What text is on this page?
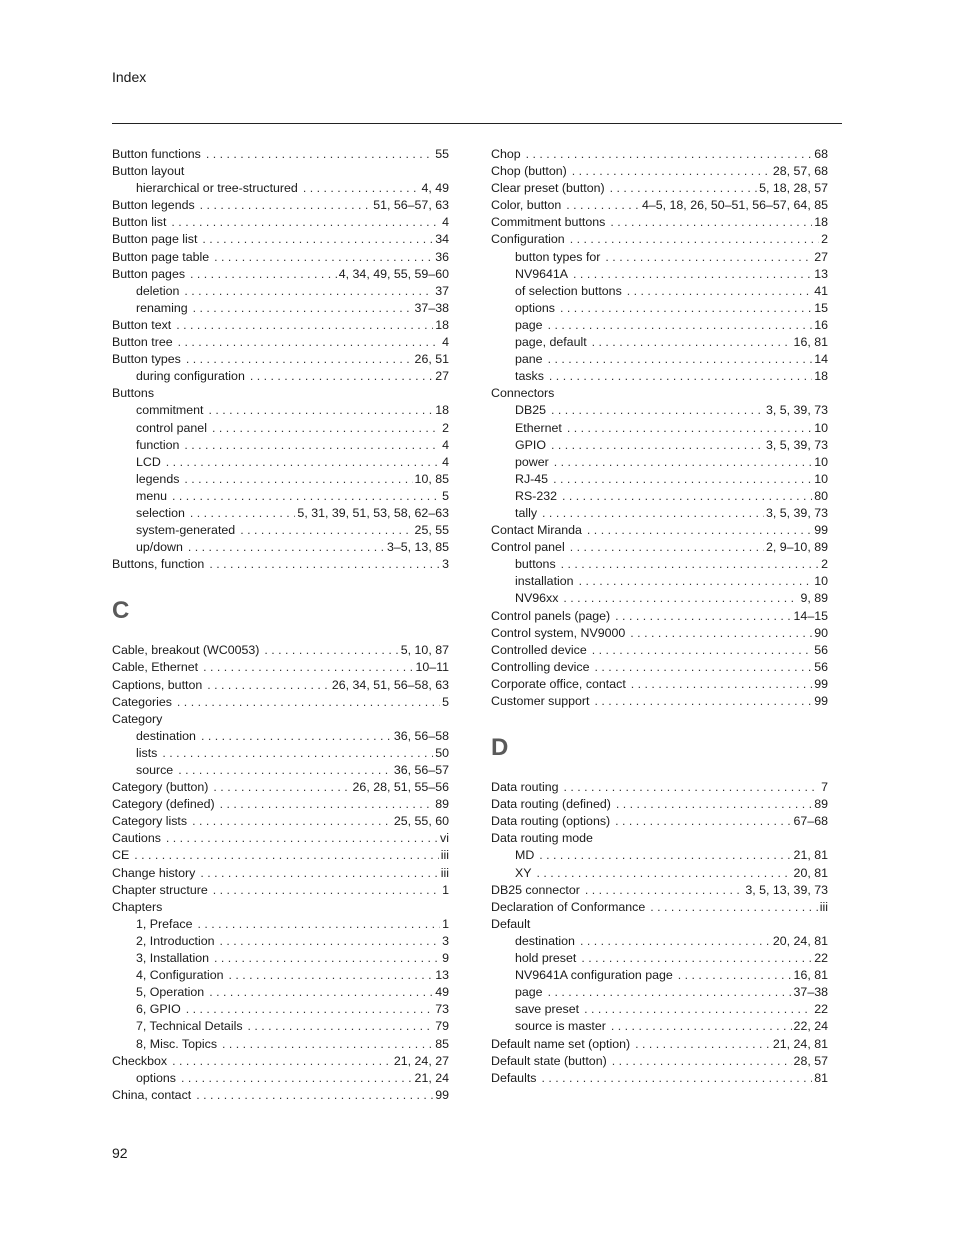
Index
Button functions . . .	55
Button layout
hierarchical or tree-structured . . .	4, 49
Button legends . . .	51, 56–57, 63
Button list . . .	4
Button page list . . .	34
Button page table . . .	36
Button pages . . .	4, 34, 49, 55, 59–60
deletion . . .	37
renaming . . .	37–38
Button text . . .	18
Button tree . . .	4
Button types . . .	26, 51
during configuration . . .	27
Buttons
commitment . . .	18
control panel . . .	2
function . . .	4
LCD . . .	4
legends . . .	10, 85
menu . . .	5
selection . . .	5, 31, 39, 51, 53, 58, 62–63
system-generated . . .	25, 55
up/down . . .	3–5, 13, 85
Buttons, function . . .	3
C
Cable, breakout (WC0053) . . .	5, 10, 87
Cable, Ethernet . . .	10–11
Captions, button . . .	26, 34, 51, 56–58, 63
Categories . . .	5
Category
destination . . .	36, 56–58
lists . . .	50
source . . .	36, 56–57
Category (button) . . .	26, 28, 51, 55–56
Category (defined) . . .	89
Category lists . . .	25, 55, 60
Cautions . . .	vi
CE . . .	iii
Change history . . .	iii
Chapter structure . . .	1
Chapters
1, Preface . . .	1
2, Introduction . . .	3
3, Installation . . .	9
4, Configuration . . .	13
5, Operation . . .	49
6, GPIO . . .	73
7, Technical Details . . .	79
8, Misc. Topics . . .	85
Checkbox . . .	21, 24, 27
options . . .	21, 24
China, contact . . .	99
Chop . . .	68
Chop (button) . . .	28, 57, 68
Clear preset (button) . . .	5, 18, 28, 57
Color, button . . .	4–5, 18, 26, 50–51, 56–57, 64, 85
Commitment buttons . . .	18
Configuration . . .	2
button types for . . .	27
NV9641A . . .	13
of selection buttons . . .	41
options . . .	15
page . . .	16
page, default . . .	16, 81
pane . . .	14
tasks . . .	18
Connectors
DB25 . . .	3, 5, 39, 73
Ethernet . . .	10
GPIO . . .	3, 5, 39, 73
power . . .	10
RJ-45 . . .	10
RS-232 . . .	80
tally . . .	3, 5, 39, 73
Contact Miranda . . .	99
Control panel . . .	2, 9–10, 89
buttons . . .	2
installation . . .	10
NV96xx . . .	9, 89
Control panels (page) . . .	14–15
Control system, NV9000 . . .	90
Controlled device . . .	56
Controlling device . . .	56
Corporate office, contact . . .	99
Customer support . . .	99
D
Data routing . . .	7
Data routing (defined) . . .	89
Data routing (options) . . .	67–68
Data routing mode
MD . . .	21, 81
XY . . .	20, 81
DB25 connector . . .	3, 5, 13, 39, 73
Declaration of Conformance . . .	iii
Default
destination . . .	20, 24, 81
hold preset . . .	22
NV9641A configuration page . . .	16, 81
page . . .	37–38
save preset . . .	22
source is master . . .	22, 24
Default name set (option) . . .	21, 24, 81
Default state (button) . . .	28, 57
Defaults . . .	81
92
